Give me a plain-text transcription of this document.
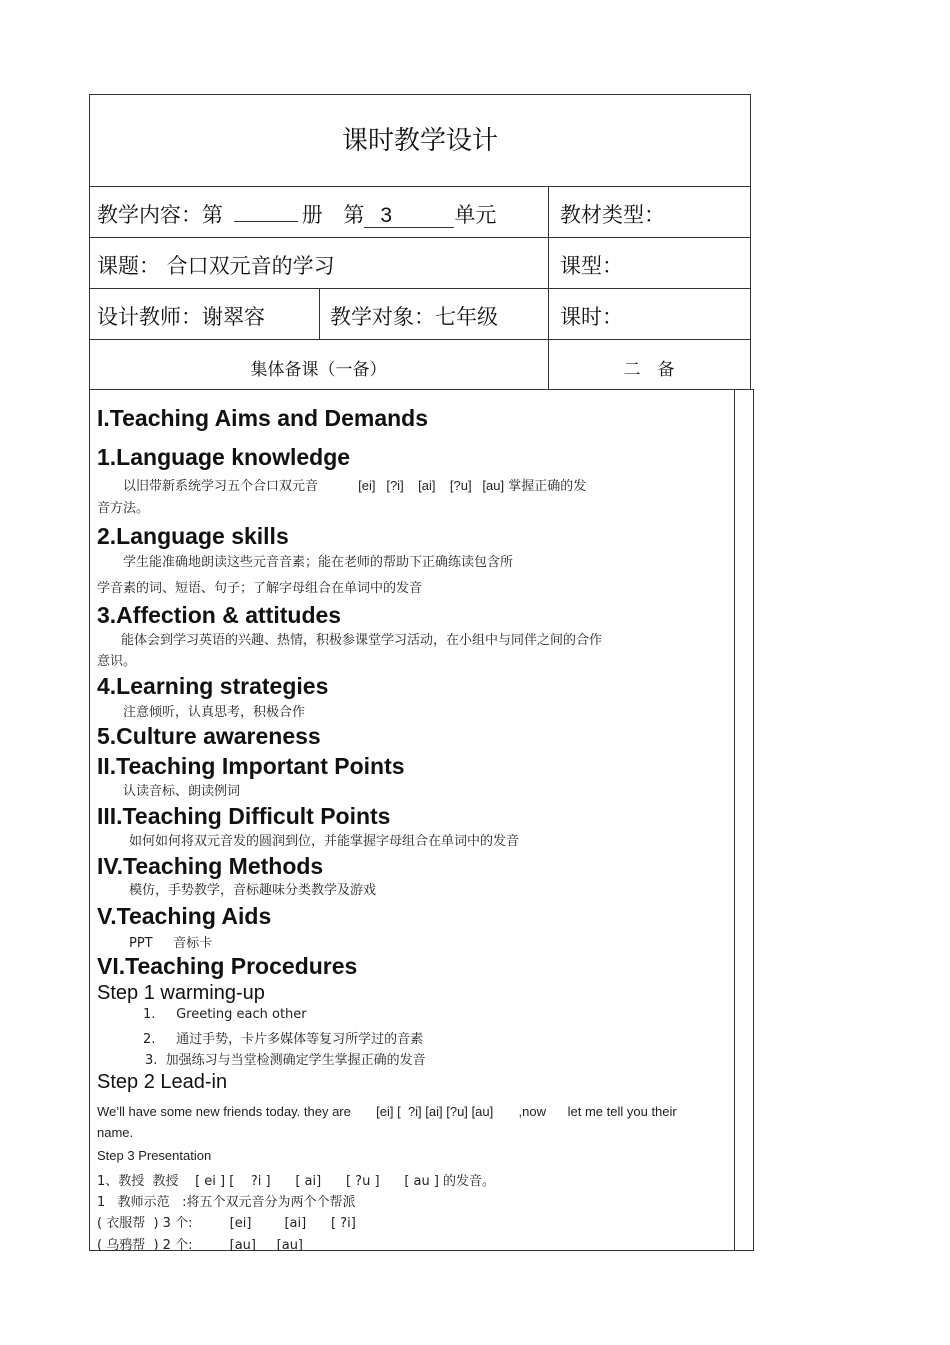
课时教学设计
教学内容：第	册 第 3	单元	教材类型：
课题： 合口双元音的学习	课型：
设计教师：谢翠容	教学对象：七年级	课时：
集体备课（一备）	二　备
I.Teaching Aims and Demands
1.Language knowledge
以旧带新系统学习五个合口双元音	[ei]   [?i]    [ai]    [?u]   [au] 掌握正确的发
音方法。
2.Language skills
学生能准确地朗读这些元音音素；能在老师的帮助下正确练读包含所
学音素的词、短语、句子；了解字母组合在单词中的发音
3.Affection & attitudes
能体会到学习英语的兴趣、热情，积极参课堂学习活动，在小组中与同伴之间的合作
意识。
4.Learning strategies
注意倾听，认真思考，积极合作
5.Culture awareness
II.Teaching Important Points
认读音标、朗读例词
III.Teaching Difficult Points
如何如何将双元音发的圆润到位，并能掌握字母组合在单词中的发音
IV.Teaching Methods
模仿，手势教学，音标趣味分类教学及游戏
V.Teaching Aids
PPT     音标卡
VI.Teaching Procedures
Step 1 warming-up
1.     Greeting each other
2.     通过手势，卡片多媒体等复习所学过的音素
3.  加强练习与当堂检测确定学生掌握正确的发音
Step 2 Lead-in
We’ll have some new friends today. they are       [ei] [  ?i] [ai] [?u] [au]       ,now      let me tell you their
name.
Step 3 Presentation
1、教授  教授    [ ei ] [    ?i ]      [ ai]      [ ?u ]      [ au ] 的发音。
1   教师示范   :将五个双元音分为两个个帮派
( 衣服帮  ) 3 个:         [ei]        [ai]      [ ?i]
( 乌鸦帮  ) 2 个:         [au]     [au]
